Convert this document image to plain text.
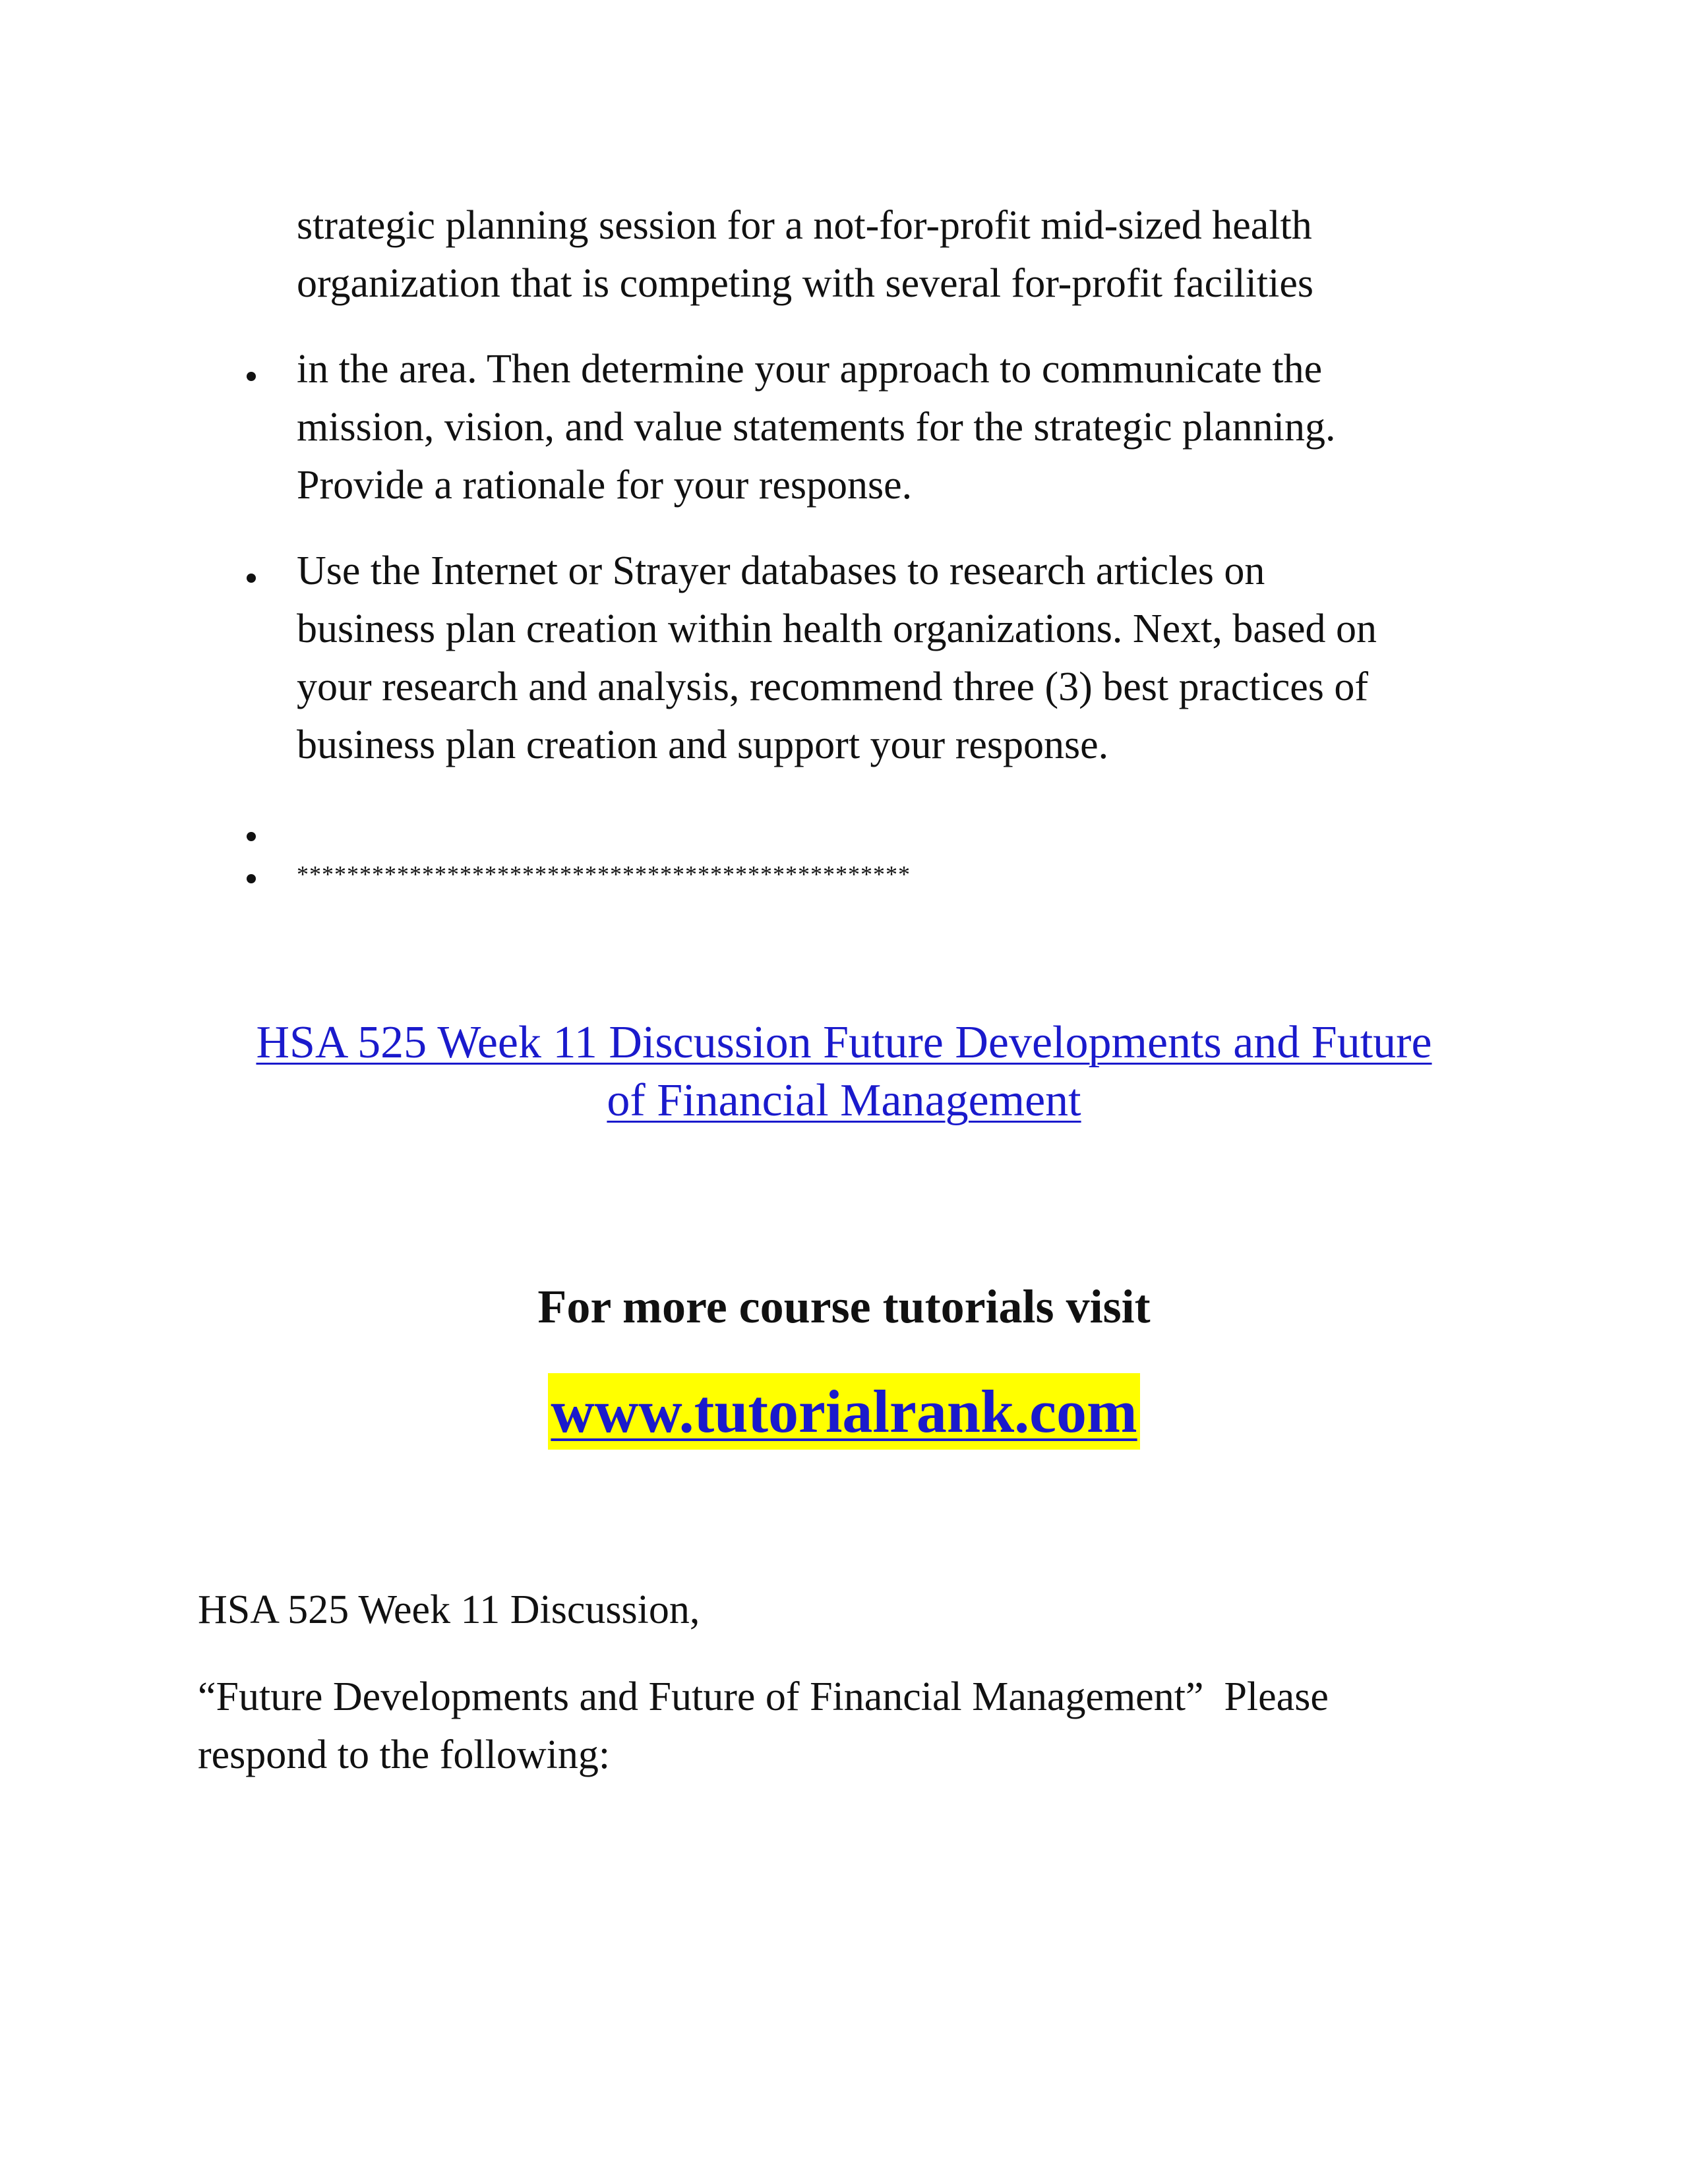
strategic planning session for a not-for-profit mid-sized health
organization that is competing with several for-profit facilities
in the area. Then determine your approach to communicate the
mission, vision, and value statements for the strategic planning.
Provide a rationale for your response.
Use the Internet or Strayer databases to research articles on
business plan creation within health organizations. Next, based on
your research and analysis, recommend three (3) best practices of
business plan creation and support your response.
*************************************************
HSA 525 Week 11 Discussion Future Developments and Future
of Financial Management
For more course tutorials visit
www.tutorialrank.com
HSA 525 Week 11 Discussion,
“Future Developments and Future of Financial Management”  Please
respond to the following:
